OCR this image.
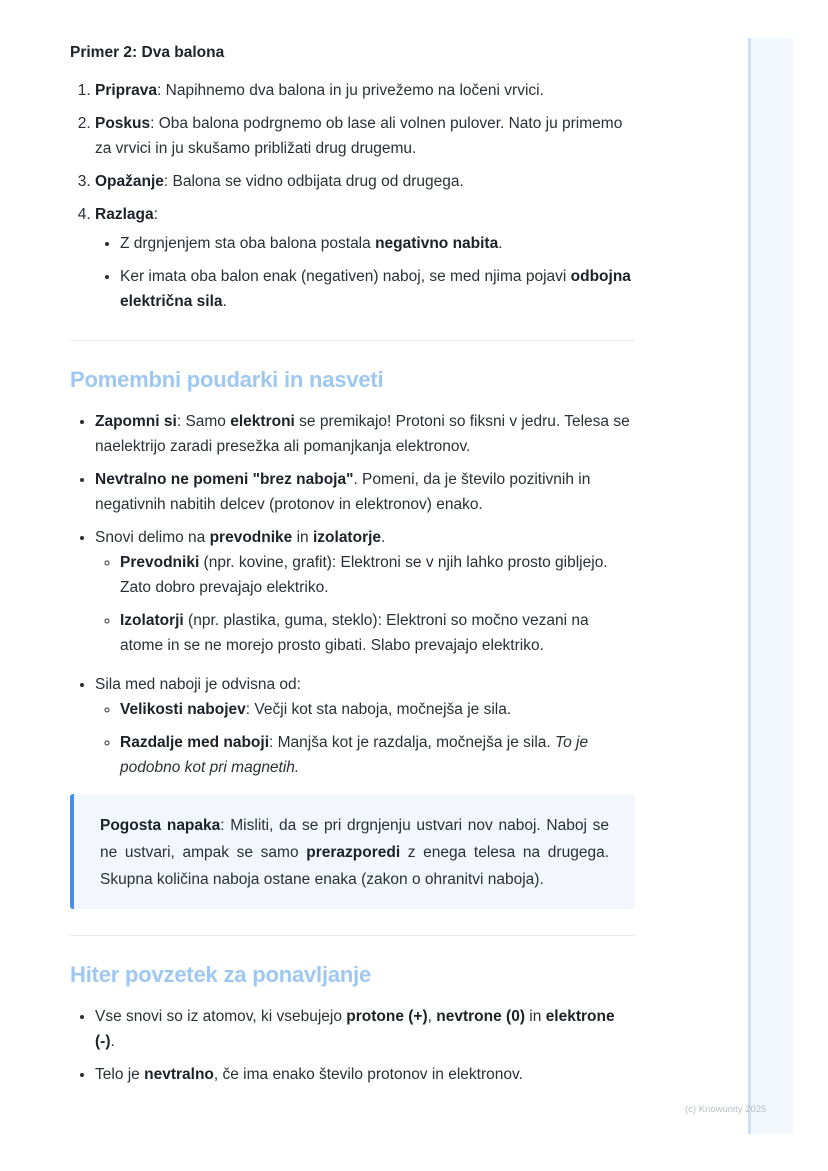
(c) Knowunity 2025
Primer 2: Dva balona
1. Priprava: Napihnemo dva balona in ju privežemo na ločeni vrvici.
2. Poskus: Oba balona podrgnemo ob lase ali volnen pulover. Nato ju primemo za vrvici in ju skušamo približati drug drugemu.
3. Opažanje: Balona se vidno odbijata drug od drugega.
4. Razlaga:
• Z drgnjenjem sta oba balona postala negativno nabita.
• Ker imata oba balon enak (negativen) naboj, se med njima pojavi odbojna električna sila.
Pomembni poudarki in nasveti
• Zapomni si: Samo elektroni se premikajo! Protoni so fiksni v jedru. Telesa se naelektrijo zaradi presežka ali pomanjkanja elektronov.
• Nevtralno ne pomeni "brez naboja". Pomeni, da je število pozitivnih in negativnih nabitih delcev (protonov in elektronov) enako.
• Snovi delimo na prevodnike in izolatorje.
◦ Prevodniki (npr. kovine, grafit): Elektroni se v njih lahko prosto gibljejo. Zato dobro prevajajo elektriko.
◦ Izolatorji (npr. plastika, guma, steklo): Elektroni so močno vezani na atome in se ne morejo prosto gibati. Slabo prevajajo elektriko.
• Sila med naboji je odvisna od:
◦ Velikosti nabojev: Večji kot sta naboja, močnejša je sila.
◦ Razdalje med naboji: Manjša kot je razdalja, močnejša je sila. To je podobno kot pri magnetih.
Pogosta napaka: Misliti, da se pri drgnjenju ustvari nov naboj. Naboj se ne ustvari, ampak se samo prerazporedi z enega telesa na drugega. Skupna količina naboja ostane enaka (zakon o ohranitvi naboja).
Hiter povzetek za ponavljanje
• Vse snovi so iz atomov, ki vsebujejo protone (+), nevtrone (0) in elektrone (-).
• Telo je nevtralno, če ima enako število protonov in elektronov.
